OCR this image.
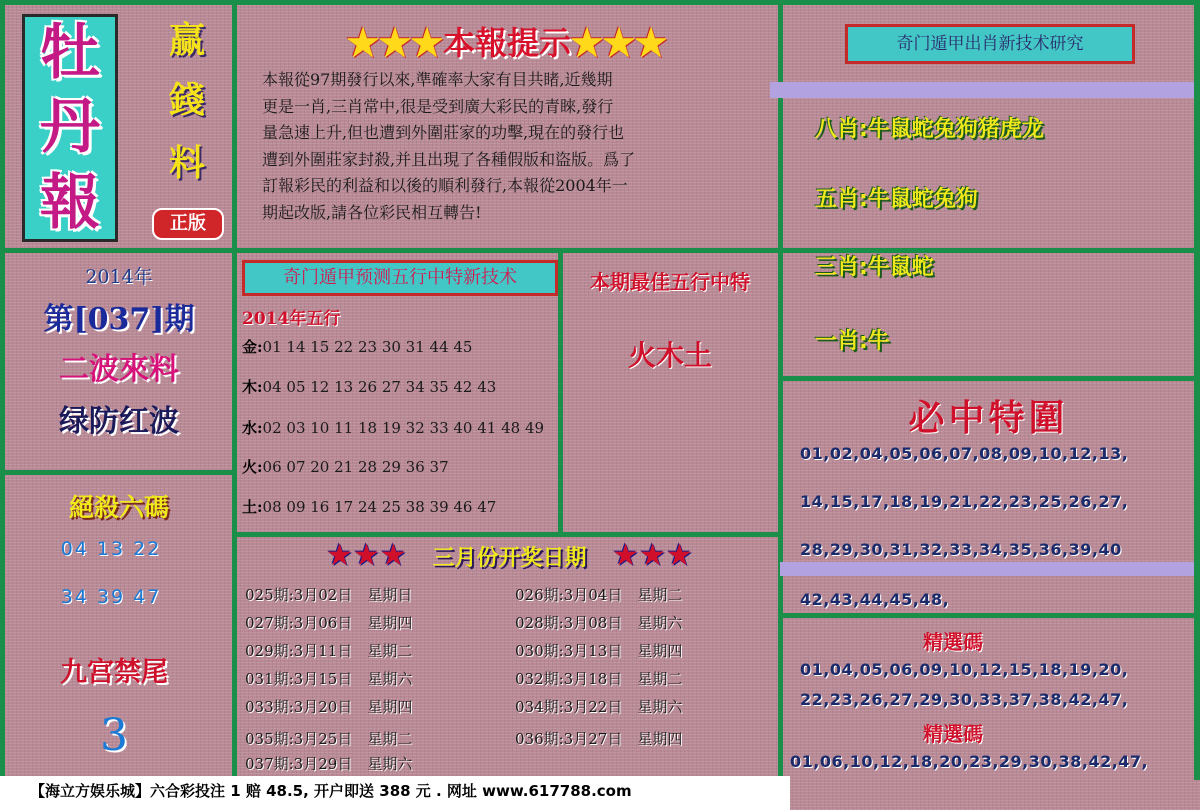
牡
丹
報
赢
錢
料
正版
2014年
第[037]期
二波來料
绿防红波
絕殺六碼
04 13 22
34 39 47
九宫禁尾
3
★★★本報提示★★★
本報從97期發行以來,準確率大家有目共睹,近幾期
更是一肖,三肖常中,很是受到廣大彩民的青睞,發行
量急速上升,但也遭到外圍莊家的功擊,現在的發行也
遭到外圍莊家封殺,并且出現了各種假版和盜版。爲了
訂報彩民的利益和以後的順利發行,本報從2004年一
期起改版,請各位彩民相互轉告!
奇门遁甲出肖新技术研究
八肖:牛鼠蛇兔狗猪虎龙
五肖:牛鼠蛇兔狗
三肖:牛鼠蛇
一肖:牛
奇门遁甲预测五行中特新技术
2014年五行
金:01 14 15 22 23 30 31 44 45
木:04 05 12 13 26 27 34 35 42 43
水:02 03 10 11 18 19 32 33 40 41 48 49
火:06 07 20 21 28 29 36 37
土:08 09 16 17 24 25 38 39 46 47
本期最佳五行中特
火木土
必中特圍
01,02,04,05,06,07,08,09,10,12,13,
14,15,17,18,19,21,22,23,25,26,27,
28,29,30,31,32,33,34,35,36,39,40
42,43,44,45,48,
精選碼
01,04,05,06,09,10,12,15,18,19,20,
22,23,26,27,29,30,33,37,38,42,47,
精選碼
01,06,10,12,18,20,23,29,30,38,42,47,
★★★ 三月份开奖日期 ★★★
025期:3月02日　星期日
027期:3月06日　星期四
029期:3月11日　星期二
031期:3月15日　星期六
033期:3月20日　星期四
035期:3月25日　星期二
037期:3月29日　星期六
026期:3月04日　星期二
028期:3月08日　星期六
030期:3月13日　星期四
032期:3月18日　星期二
034期:3月22日　星期六
036期:3月27日　星期四
【海立方娱乐城】六合彩投注 1 赔 48.5, 开户即送 388 元 . 网址 www.617788.com
